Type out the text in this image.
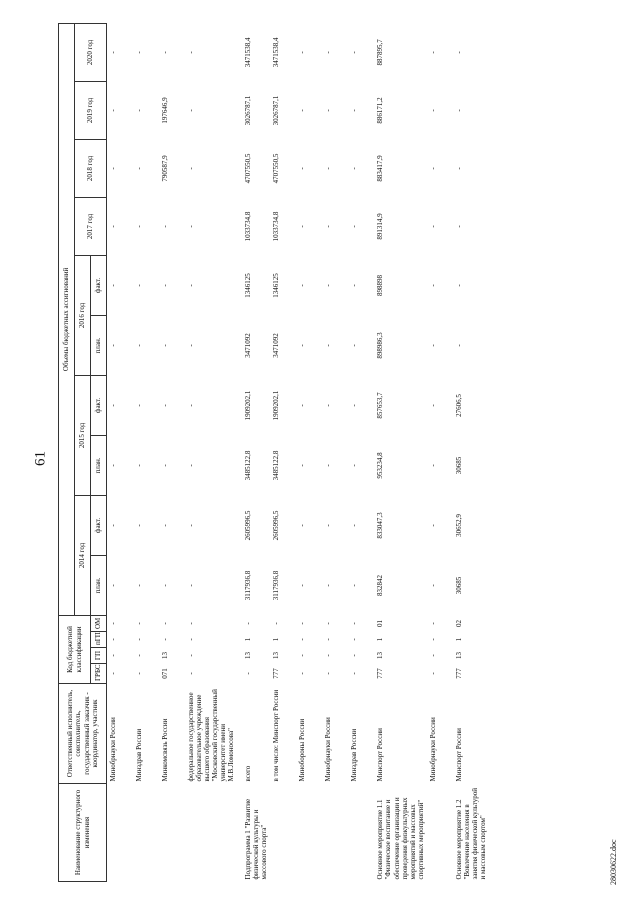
61
28030622.doc
Наименование структурного изменения	Ответственный исполнитель, соисполнитель, государственный заказчик - координатор, участник	Код бюджетной классификации				Объемы бюджетных ассигнований									
						2014 год		2015 год		2016 год		2017 год	2018 год	2019 год	2020 год
		ГРБС	ГП	пГП	ОМ	план.	факт.	план.	факт.	план.	факт.				
	Минобрнауки России	-	-	-	-	-	-	-	-	-	-	-	-	-	-
	Минздрав России	-	-	-	-	-	-	-	-	-	-	-	-	-	-
	Минкомсвязь России	071	13	-	-	-	-	-	-	-	-	-	790587,9	197646,9	-
	федеральное государственное образовательное учреждение высшего образования "Московский государственный университет имени М.В.Ломоносова"	-	-	-	-	-	-	-	-	-	-	-	-	-	-

Подпрограмма 1 "Развитие физической культуры и массового спорта"	всего	-	13	1	-	3117936,8	2605996,5	3485122,8	1909202,1	3471092	1346125	1033734,8	4707550,5	3026787,1	3471538,4
	в том числе: Минспорт России	777	13	1	-	3117936,8	2605996,5	3485122,8	1909202,1	3471092	1346125	1033734,8	4707550,5	3026787,1	3471538,4
	Минобороны России	-	-	-	-	-	-	-	-	-	-	-	-	-	-
	Минобрнауки России	-	-	-	-	-	-	-	-	-	-	-	-	-	-
	Минздрав России	-	-	-	-	-	-	-	-	-	-	-	-	-	-
Основное мероприятие 1.1 "Физическое воспитание и обеспечение организации и проведения физкультурных мероприятий и массовых спортивных мероприятий"	Минспорт России	777	13	1	01	832842	833047,3	953234,8	857653,7	898986,3	898898	891314,9	883417,9	886171,2	887895,7
	Минобрнауки России	-	-	-	-	-	-	-	-	-	-	-	-	-	-
Основное мероприятие 1.2 "Вовлечение населения в занятия физической культурой и массовым спортом"	Минспорт России	777	13	1	02	30685	30652,9	30685	27606,5	-	-	-	-	-	-
